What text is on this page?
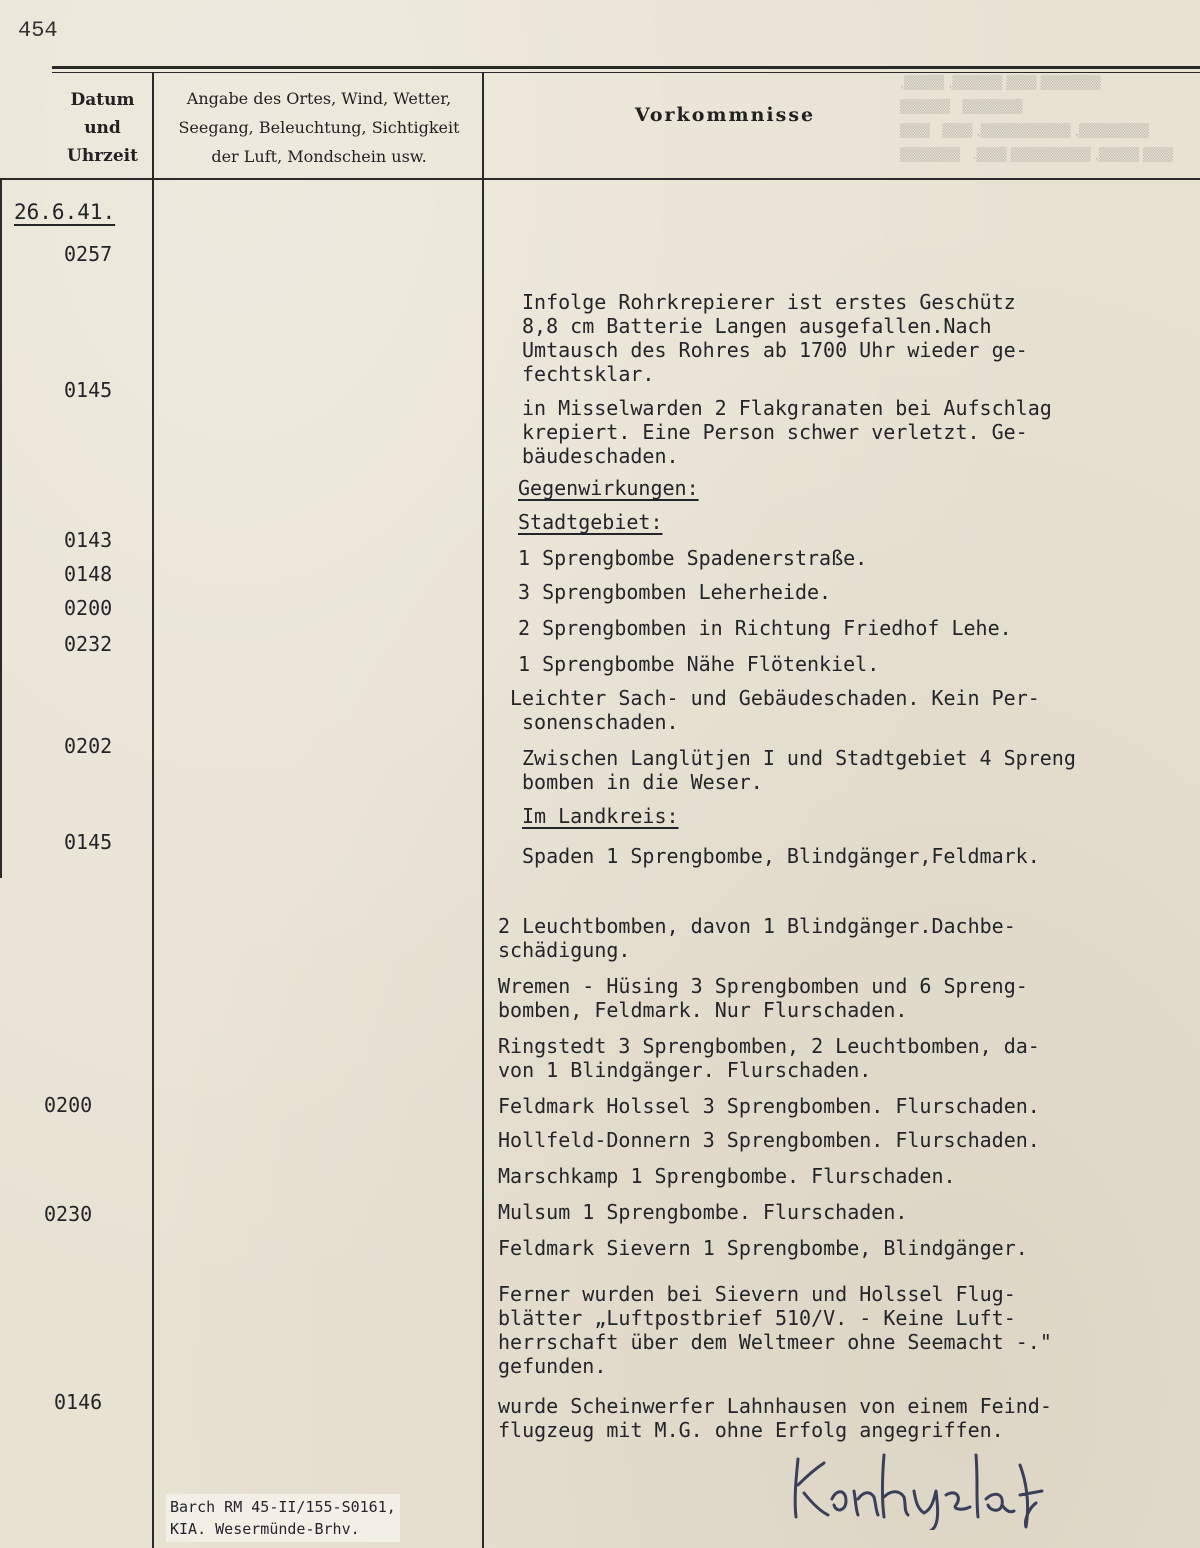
454
Datum
und
Uhrzeit
Angabe des Ortes, Wind, Wetter,
Seegang, Beleuchtung, Sichtigkeit
der Luft, Mondschein usw.
Vorkommnisse
▒▒▒▒▒▒ ▒▒▒ ▒▒▒▒▒, ▒▒▒▒, ▒▒▒▒▒▒   ▒▒▒▒▒
▒▒▒▒▒▒▒, ▒▒▒▒▒▒▒▒▒, ▒▒▒   ▒▒▒
▒▒▒ ▒▒▒▒, ▒▒▒▒▒▒▒▒ ▒▒▒.   ▒▒▒▒▒▒
26.6.41.
0257
0145
0143
0148
0200
0232
0202
0145
0200
0230
0146
Infolge Rohrkrepierer ist erstes Geschütz
8,8 cm Batterie Langen ausgefallen.Nach
Umtausch des Rohres ab 1700 Uhr wieder ge-
fechtsklar.
in Misselwarden 2 Flakgranaten bei Aufschlag
krepiert. Eine Person schwer verletzt. Ge-
bäudeschaden.
Gegenwirkungen:
Stadtgebiet:
1 Sprengbombe Spadenerstraße.
3 Sprengbomben Leherheide.
2 Sprengbomben in Richtung Friedhof Lehe.
1 Sprengbombe Nähe Flötenkiel.
Leichter Sach- und Gebäudeschaden. Kein Per-
sonenschaden.
Zwischen Langlütjen I und Stadtgebiet 4 Spreng
bomben in die Weser.
Im Landkreis:
Spaden 1 Sprengbombe, Blindgänger,Feldmark.
2 Leuchtbomben, davon 1 Blindgänger.Dachbe-
schädigung.
Wremen - Hüsing 3 Sprengbomben und 6 Spreng-
bomben, Feldmark. Nur Flurschaden.
Ringstedt 3 Sprengbomben, 2 Leuchtbomben, da-
von 1 Blindgänger. Flurschaden.
Feldmark Holssel 3 Sprengbomben. Flurschaden.
Hollfeld-Donnern 3 Sprengbomben. Flurschaden.
Marschkamp 1 Sprengbombe. Flurschaden.
Mulsum 1 Sprengbombe. Flurschaden.
Feldmark Sievern 1 Sprengbombe, Blindgänger.
Ferner wurden bei Sievern und Holssel Flug-
blätter „Luftpostbrief 510/V. - Keine Luft-
herrschaft über dem Weltmeer ohne Seemacht -."
gefunden.
wurde Scheinwerfer Lahnhausen von einem Feind-
flugzeug mit M.G. ohne Erfolg angegriffen.
Barch RM 45-II/155-S0161,
KIA. Wesermünde-Brhv.
